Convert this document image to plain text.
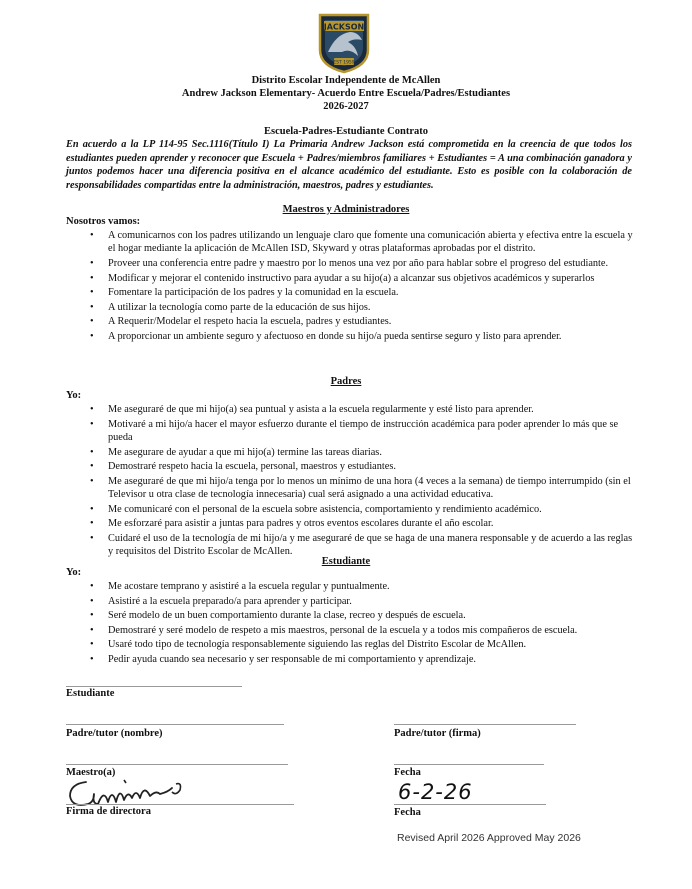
JACKSON
EST 1959
Distrito Escolar Independente de McAllen
Andrew Jackson Elementary- Acuerdo Entre Escuela/Padres/Estudiantes
2026-2027
Escuela-Padres-Estudiante Contrato
En acuerdo a la LP 114-95 Sec.1116(Título I) La Primaria Andrew Jackson está comprometida en la creencia de que todos los estudiantes pueden aprender y reconocer que Escuela + Padres/miembros familiares + Estudiantes = A una combinación ganadora y juntos podemos hacer una diferencia positiva en el alcance académico del estudiante. Esto es posible con la colaboración de responsabilidades compartidas entre la administración, maestros, padres y estudiantes.
Maestros y Administradores
Nosotros vamos:
• A comunicarnos con los padres utilizando un lenguaje claro que fomente una comunicación abierta y efectiva entre la escuela y el hogar mediante la aplicación de McAllen ISD, Skyward y otras plataformas aprobadas por el distrito.
• Proveer una conferencia entre padre y maestro por lo menos una vez por año para hablar sobre el progreso del estudiante.
• Modificar y mejorar el contenido instructivo para ayudar a su hijo(a) a alcanzar sus objetivos académicos y superarlos
• Fomentare la participación de los padres y la comunidad en la escuela.
• A utilizar la tecnología como parte de la educación de sus hijos.
• A Requerir/Modelar el respeto hacia la escuela, padres y estudiantes.
• A proporcionar un ambiente seguro y afectuoso en donde su hijo/a pueda sentirse seguro y listo para aprender.
Padres
Yo:
• Me aseguraré de que mi hijo(a) sea puntual y asista a la escuela regularmente y esté listo para aprender.
• Motivaré a mi hijo/a hacer el mayor esfuerzo durante el tiempo de instrucción académica para poder aprender lo más que se pueda
• Me asegurare de ayudar a que mi hijo(a) termine las tareas diarias.
• Demostraré respeto hacia la escuela, personal, maestros y estudiantes.
• Me aseguraré de que mi hijo/a tenga por lo menos un mínimo de una hora (4 veces a la semana) de tiempo interrumpido (sin el Televisor u otra clase de tecnología innecesaria) cual será asignado a una actividad educativa.
• Me comunicaré con el personal de la escuela sobre asistencia, comportamiento y rendimiento académico.
• Me esforzaré para asistir a juntas para padres y otros eventos escolares durante el año escolar.
• Cuidaré el uso de la tecnología de mi hijo/a y me aseguraré de que se haga de una manera responsable y de acuerdo a las reglas y requisitos del Distrito Escolar de McAllen.
Estudiante
Yo:
• Me acostare temprano y asistiré a la escuela regular y puntualmente.
• Asistiré a la escuela preparado/a para aprender y participar.
• Seré modelo de un buen comportamiento durante la clase, recreo y después de escuela.
• Demostraré y seré modelo de respeto a mis maestros, personal de la escuela y a todos mis compañeros de escuela.
• Usaré todo tipo de tecnología responsablemente siguiendo las reglas del Distrito Escolar de McAllen.
• Pedir ayuda cuando sea necesario y ser responsable de mi comportamiento y aprendizaje.
Estudiante
Padre/tutor (nombre)	Padre/tutor (firma)
Maestro(a)	Fecha
Firma de directora
6-2-26
Fecha
Revised April 2026 Approved May 2026
